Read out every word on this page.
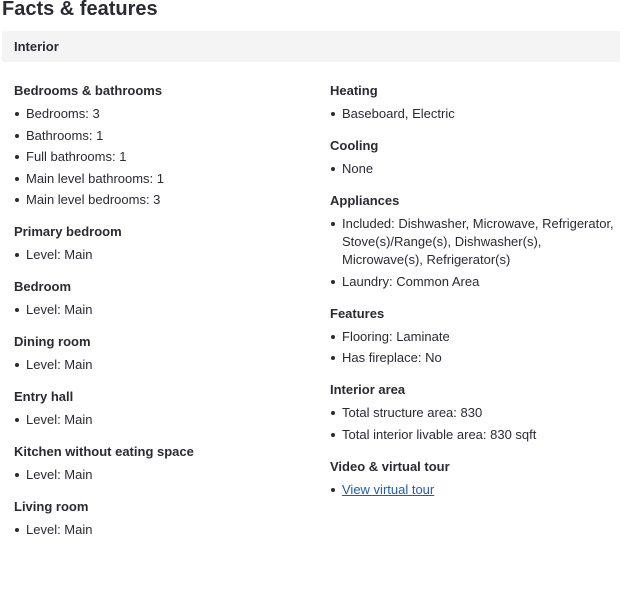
Facts & features
Interior
Bedrooms & bathrooms
Bedrooms: 3
Bathrooms: 1
Full bathrooms: 1
Main level bathrooms: 1
Main level bedrooms: 3
Primary bedroom
Level: Main
Bedroom
Level: Main
Dining room
Level: Main
Entry hall
Level: Main
Kitchen without eating space
Level: Main
Living room
Level: Main
Heating
Baseboard, Electric
Cooling
None
Appliances
Included: Dishwasher, Microwave, Refrigerator, Stove(s)/Range(s), Dishwasher(s), Microwave(s), Refrigerator(s)
Laundry: Common Area
Features
Flooring: Laminate
Has fireplace: No
Interior area
Total structure area: 830
Total interior livable area: 830 sqft
Video & virtual tour
View virtual tour
